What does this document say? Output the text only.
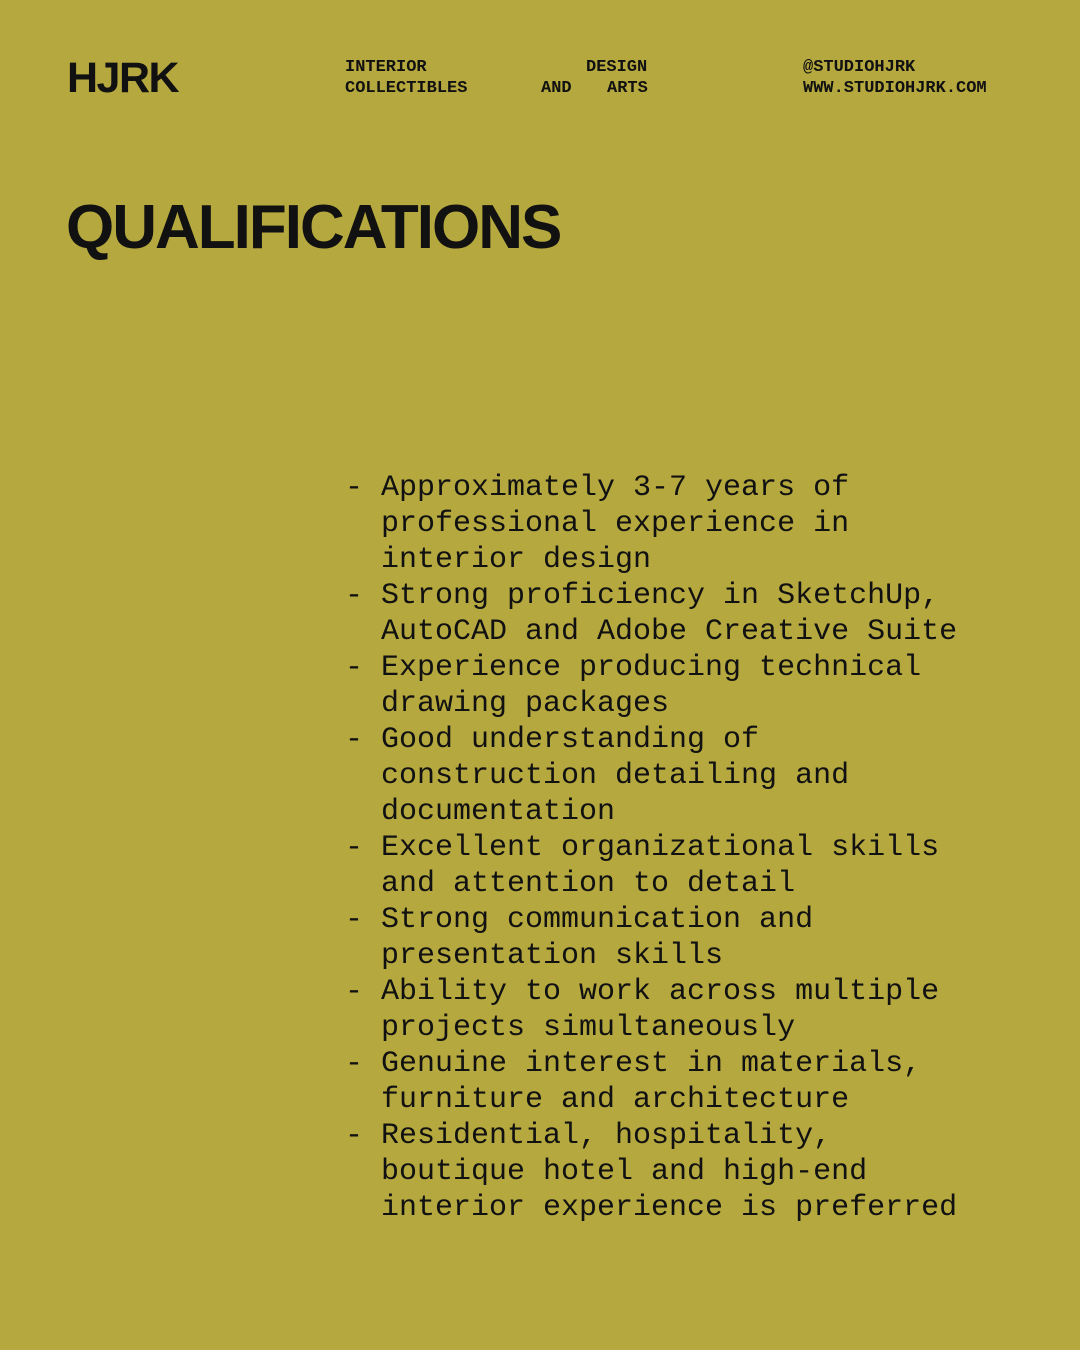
HJRK	INTERIOR	DESIGN

COLLECTIBLES	AND ARTS

@STUDIOHJRK
WWW.STUDIOHJRK.COM
QUALIFICATIONS
- Approximately 3-7 years of professional experience in interior design
- Strong proficiency in SketchUp, AutoCAD and Adobe Creative Suite
- Experience producing technical drawing packages
- Good understanding of construction detailing and documentation
- Excellent organizational skills and attention to detail
- Strong communication and presentation skills
- Ability to work across multiple projects simultaneously
- Genuine interest in materials, furniture and architecture
- Residential, hospitality, boutique hotel and high-end interior experience is preferred
